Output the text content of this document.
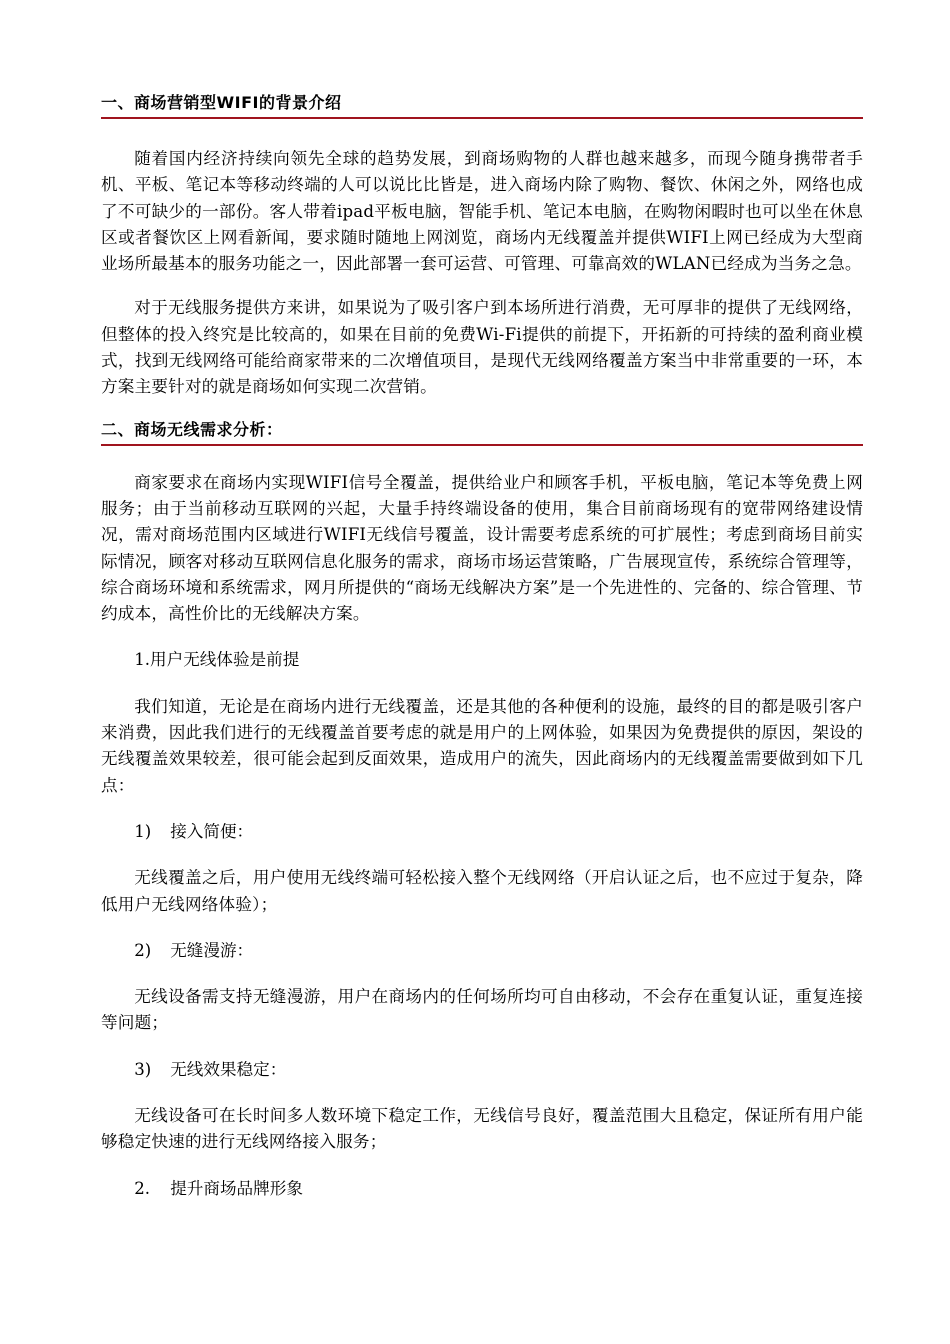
一、商场营销型WIFI的背景介绍

随着国内经济持续向领先全球的趋势发展，到商场购物的人群也越来越多，而现今随身携带者手机、平板、笔记本等移动终端的人可以说比比皆是，进入商场内除了购物、餐饮、休闲之外，网络也成了不可缺少的一部份。客人带着ipad平板电脑，智能手机、笔记本电脑，在购物闲暇时也可以坐在休息区或者餐饮区上网看新闻，要求随时随地上网浏览，商场内无线覆盖并提供WIFI上网已经成为大型商业场所最基本的服务功能之一，因此部署一套可运营、可管理、可靠高效的WLAN已经成为当务之急。

对于无线服务提供方来讲，如果说为了吸引客户到本场所进行消费，无可厚非的提供了无线网络，但整体的投入终究是比较高的，如果在目前的免费Wi-Fi提供的前提下，开拓新的可持续的盈利商业模式，找到无线网络可能给商家带来的二次增值项目，是现代无线网络覆盖方案当中非常重要的一环，本方案主要针对的就是商场如何实现二次营销。

二、商场无线需求分析：

商家要求在商场内实现WIFI信号全覆盖，提供给业户和顾客手机，平板电脑，笔记本等免费上网服务；由于当前移动互联网的兴起，大量手持终端设备的使用，集合目前商场现有的宽带网络建设情况，需对商场范围内区域进行WIFI无线信号覆盖，设计需要考虑系统的可扩展性；考虑到商场目前实际情况，顾客对移动互联网信息化服务的需求，商场市场运营策略，广告展现宣传，系统综合管理等，综合商场环境和系统需求，网月所提供的“商场无线解决方案”是一个先进性的、完备的、综合管理、节约成本，高性价比的无线解决方案。

1.用户无线体验是前提

我们知道，无论是在商场内进行无线覆盖，还是其他的各种便利的设施，最终的目的都是吸引客户来消费，因此我们进行的无线覆盖首要考虑的就是用户的上网体验，如果因为免费提供的原因，架设的无线覆盖效果较差，很可能会起到反面效果，造成用户的流失，因此商场内的无线覆盖需要做到如下几点：

1) 接入简便：

无线覆盖之后，用户使用无线终端可轻松接入整个无线网络（开启认证之后，也不应过于复杂，降低用户无线网络体验）；

2) 无缝漫游：

无线设备需支持无缝漫游，用户在商场内的任何场所均可自由移动，不会存在重复认证，重复连接等问题；

3) 无线效果稳定：

无线设备可在长时间多人数环境下稳定工作，无线信号良好，覆盖范围大且稳定，保证所有用户能够稳定快速的进行无线网络接入服务；

2. 提升商场品牌形象
